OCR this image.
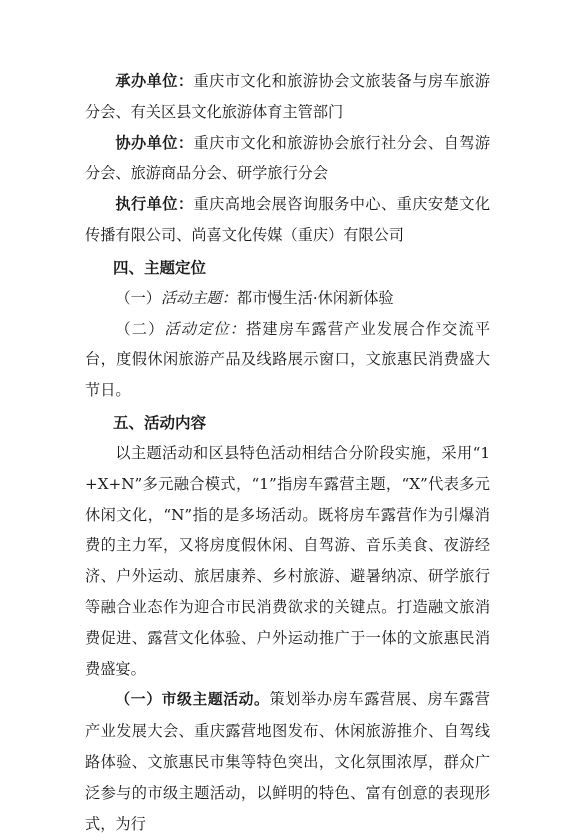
承办单位：重庆市文化和旅游协会文旅装备与房车旅游分会、有关区县文化旅游体育主管部门

协办单位：重庆市文化和旅游协会旅行社分会、自驾游分会、旅游商品分会、研学旅行分会

执行单位：重庆高地会展咨询服务中心、重庆安楚文化传播有限公司、尚喜文化传媒（重庆）有限公司

四、主题定位

（一）活动主题：都市慢生活·休闲新体验

（二）活动定位：搭建房车露营产业发展合作交流平台，度假休闲旅游产品及线路展示窗口，文旅惠民消费盛大节日。

五、活动内容

以主题活动和区县特色活动相结合分阶段实施，采用“1+X+N”多元融合模式，“1”指房车露营主题，“X”代表多元休闲文化，“N”指的是多场活动。既将房车露营作为引爆消费的主力军，又将房度假休闲、自驾游、音乐美食、夜游经济、户外运动、旅居康养、乡村旅游、避暑纳凉、研学旅行等融合业态作为迎合市民消费欲求的关键点。打造融文旅消费促进、露营文化体验、户外运动推广于一体的文旅惠民消费盛宴。

（一）市级主题活动。策划举办房车露营展、房车露营产业发展大会、重庆露营地图发布、休闲旅游推介、自驾线路体验、文旅惠民市集等特色突出，文化氛围浓厚，群众广泛参与的市级主题活动，以鲜明的特色、富有创意的表现形式，为行
